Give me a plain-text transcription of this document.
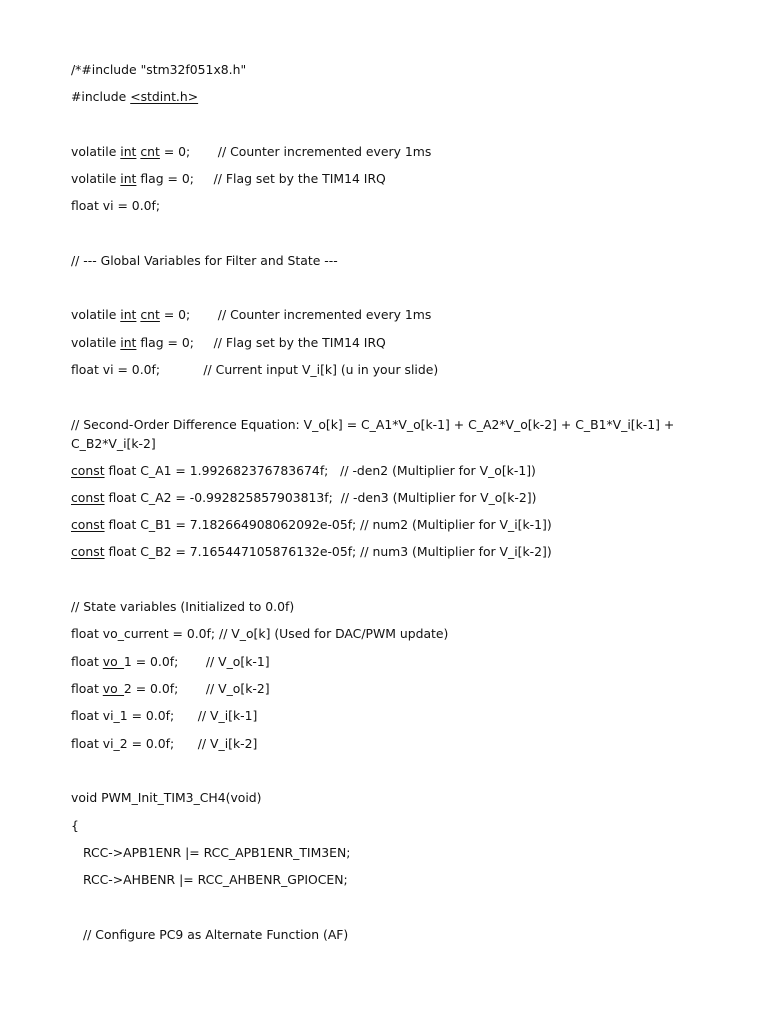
/*#include "stm32f051x8.h"
#include <stdint.h>
volatile int cnt = 0;       // Counter incremented every 1ms
volatile int flag = 0;     // Flag set by the TIM14 IRQ
float vi = 0.0f;
// --- Global Variables for Filter and State ---
volatile int cnt = 0;       // Counter incremented every 1ms
volatile int flag = 0;     // Flag set by the TIM14 IRQ
float vi = 0.0f;           // Current input V_i[k] (u in your slide)
// Second-Order Difference Equation: V_o[k] = C_A1*V_o[k-1] + C_A2*V_o[k-2] + C_B1*V_i[k-1] + C_B2*V_i[k-2]
const float C_A1 = 1.992682376783674f;   // -den2 (Multiplier for V_o[k-1])
const float C_A2 = -0.992825857903813f;  // -den3 (Multiplier for V_o[k-2])
const float C_B1 = 7.182664908062092e-05f; // num2 (Multiplier for V_i[k-1])
const float C_B2 = 7.165447105876132e-05f; // num3 (Multiplier for V_i[k-2])
// State variables (Initialized to 0.0f)
float vo_current = 0.0f; // V_o[k] (Used for DAC/PWM update)
float vo_1 = 0.0f;       // V_o[k-1]
float vo_2 = 0.0f;       // V_o[k-2]
float vi_1 = 0.0f;      // V_i[k-1]
float vi_2 = 0.0f;      // V_i[k-2]
void PWM_Init_TIM3_CH4(void)
{
RCC->APB1ENR |= RCC_APB1ENR_TIM3EN;
RCC->AHBENR |= RCC_AHBENR_GPIOCEN;
// Configure PC9 as Alternate Function (AF)
